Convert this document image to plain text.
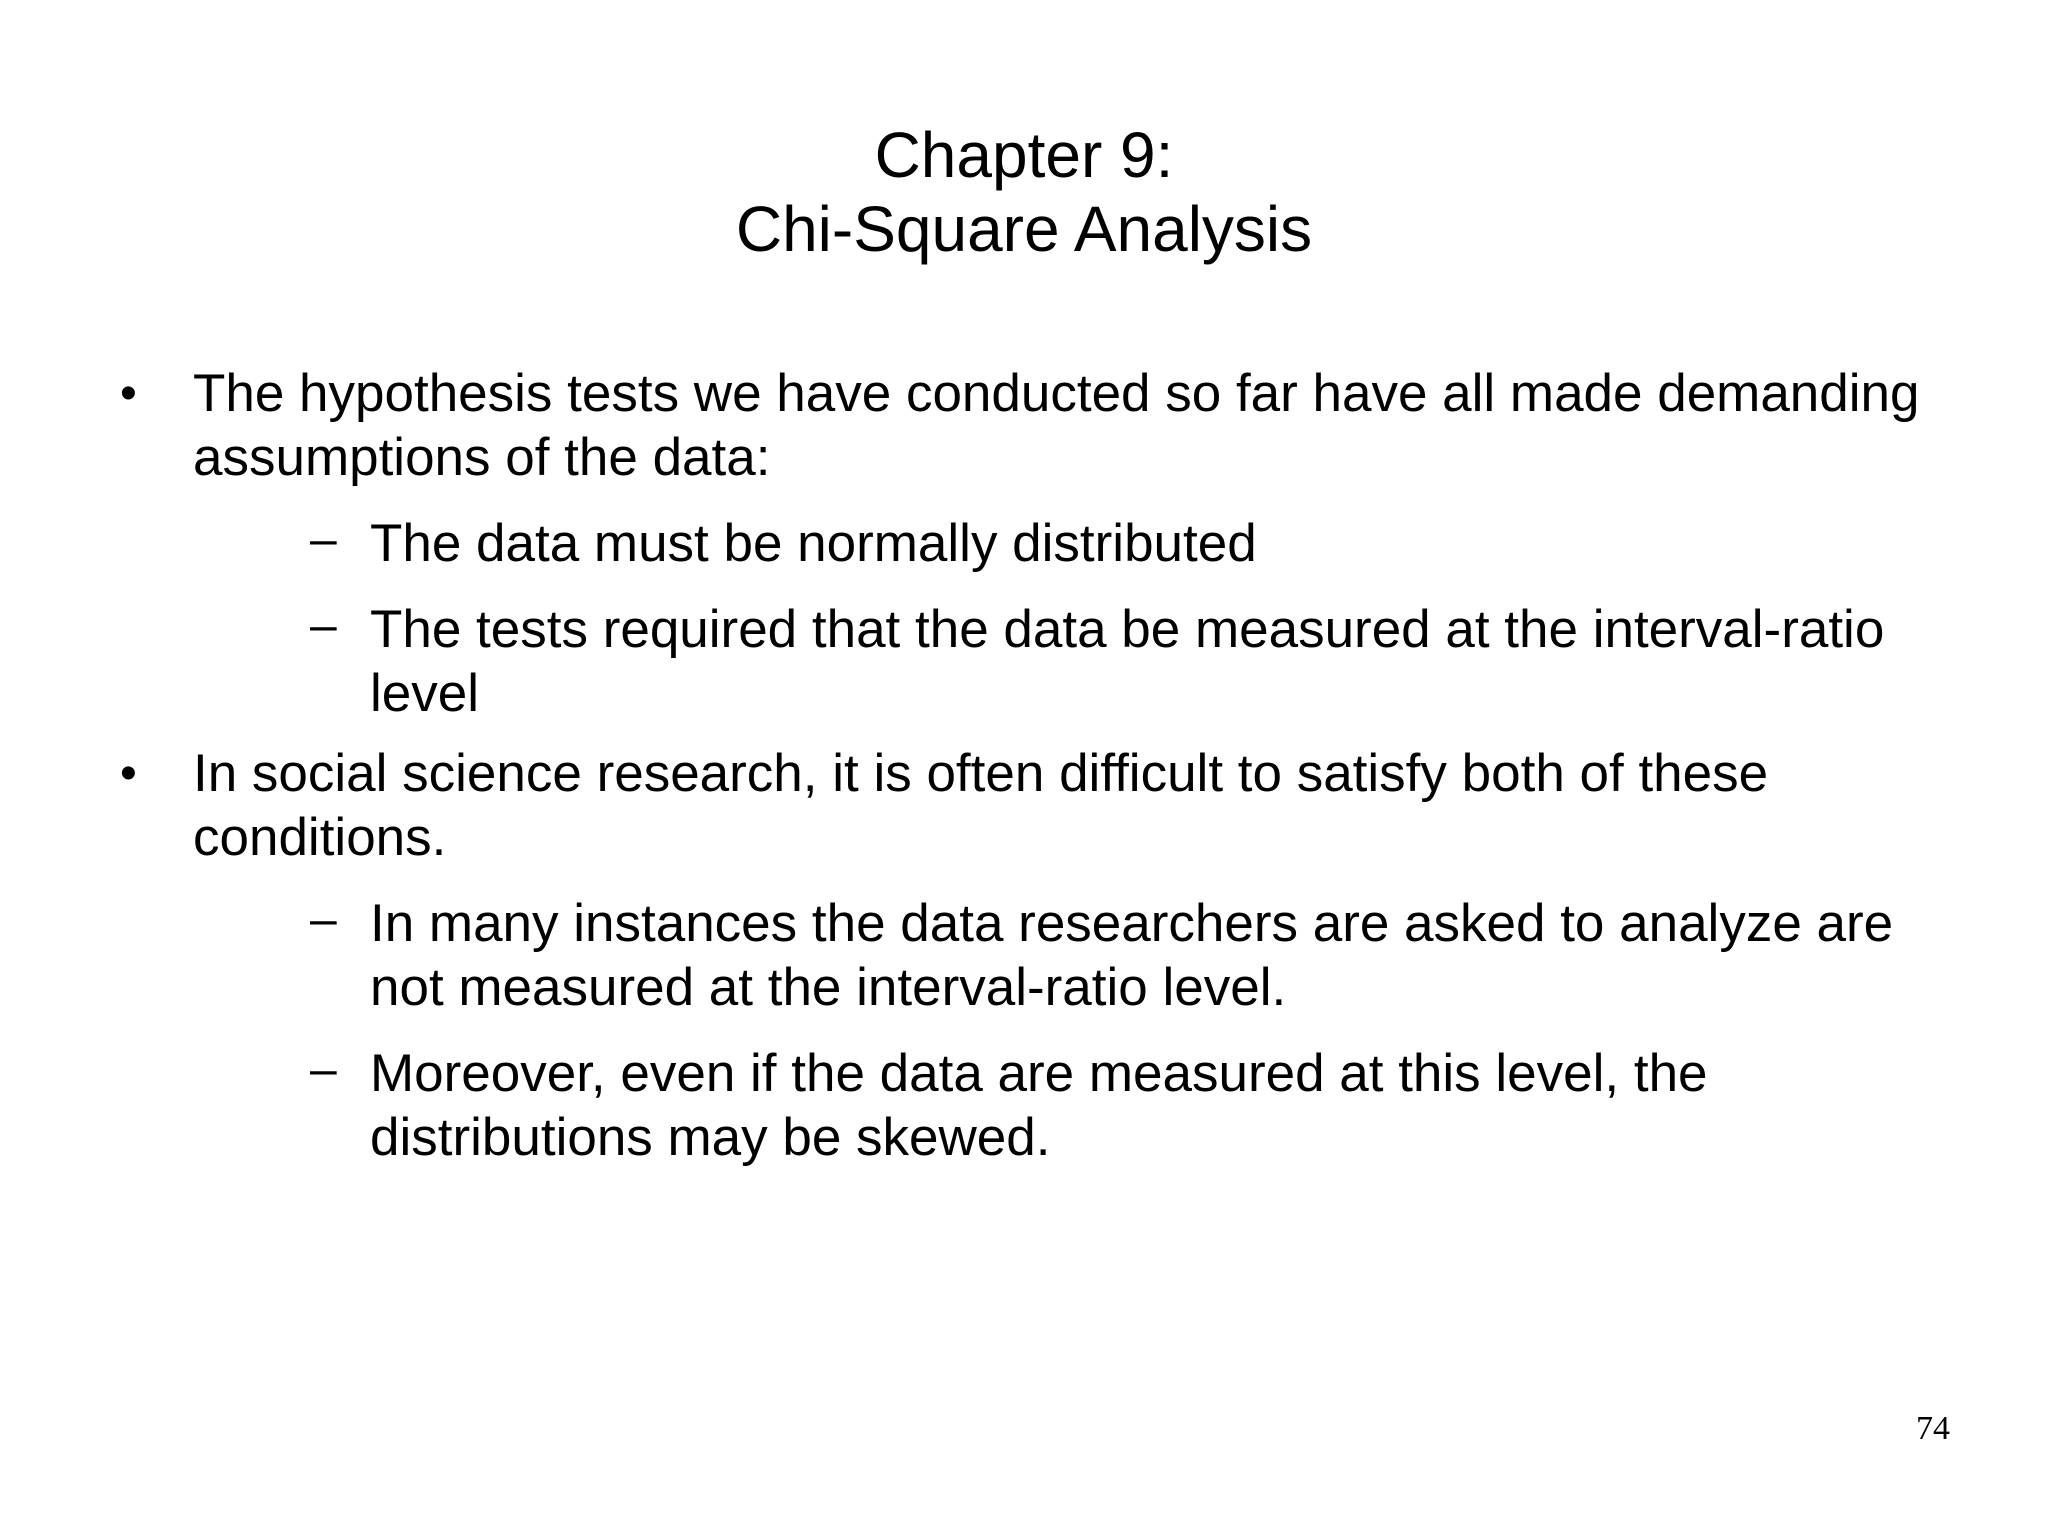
Chapter 9:
Chi-Square Analysis

• The hypothesis tests we have conducted so far have all made demanding assumptions of the data:

– The data must be normally distributed

– The tests required that the data be measured at the interval-ratio level

• In social science research, it is often difficult to satisfy both of these conditions.

– In many instances the data researchers are asked to analyze are not measured at the interval-ratio level.

– Moreover, even if the data are measured at this level, the distributions may be skewed.

74
